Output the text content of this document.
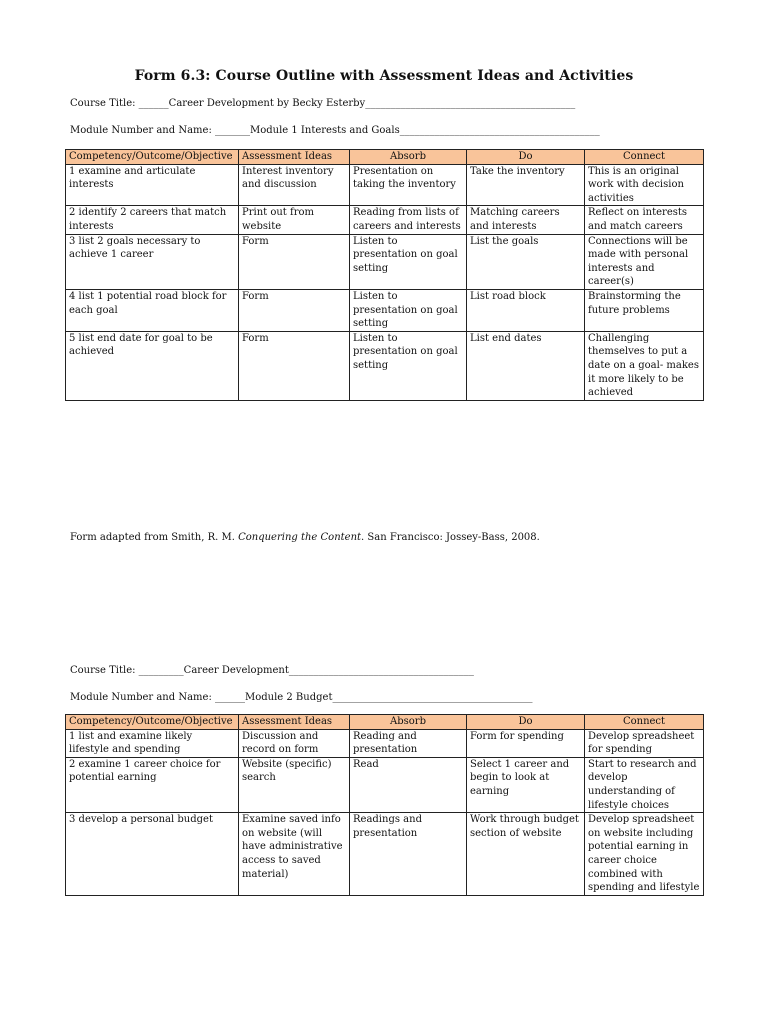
Form 6.3: Course Outline with Assessment Ideas and Activities
Course Title: ______Career Development by Becky Esterby__________________________________________
Module Number and Name: _______Module 1 Interests and Goals________________________________________
Competency/Outcome/Objective	Assessment Ideas	Absorb	Do	Connect
1 examine and articulate interests	Interest inventory and discussion	Presentation on taking the inventory	Take the inventory	This is an original work with decision activities
2 identify 2 careers that match interests	Print out from website	Reading from lists of careers and interests	Matching careers and interests	Reflect on interests and match careers
3 list 2 goals necessary to achieve 1 career	Form	Listen to presentation on goal setting	List the goals	Connections will be made with personal interests and career(s)
4 list 1 potential road block for each goal	Form	Listen to presentation on goal setting	List road block	Brainstorming the future problems
5 list end date for goal to be achieved	Form	Listen to presentation on goal setting	List end dates	Challenging themselves to put a date on a goal- makes it more likely to be achieved
Form adapted from Smith, R. M. Conquering the Content. San Francisco: Jossey-Bass, 2008.
Course Title: _________Career Development_____________________________________
Module Number and Name: ______Module 2 Budget________________________________________
Competency/Outcome/Objective	Assessment Ideas	Absorb	Do	Connect
1 list and examine likely lifestyle and spending	Discussion and record on form	Reading and presentation	Form for spending	Develop spreadsheet for spending
2 examine 1 career choice for potential earning	Website (specific) search	Read	Select 1 career and begin to look at earning	Start to research and develop understanding of lifestyle choices
3 develop a personal budget	Examine saved info on website (will have administrative access to saved material)	Readings and presentation	Work through budget section of website	Develop spreadsheet on website including potential earning in career choice combined with spending and lifestyle
